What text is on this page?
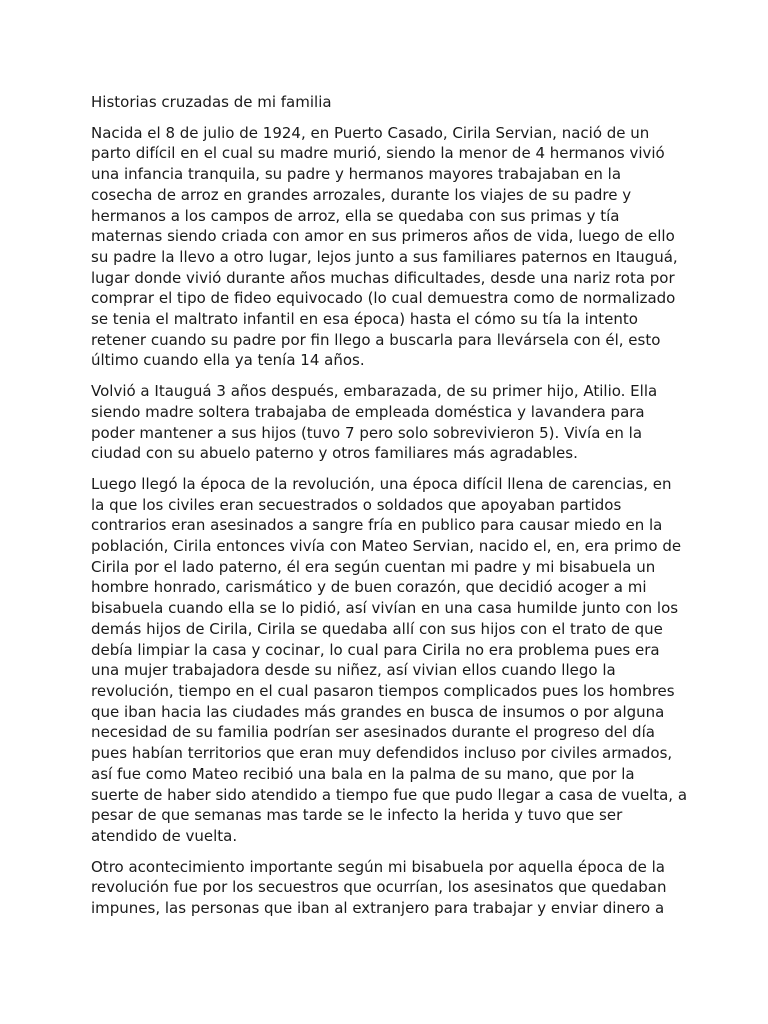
Historias cruzadas de mi familia

Nacida el 8 de julio de 1924, en Puerto Casado, Cirila Servian, nació de un parto difícil en el cual su madre murió, siendo la menor de 4 hermanos vivió una infancia tranquila, su padre y hermanos mayores trabajaban en la cosecha de arroz en grandes arrozales, durante los viajes de su padre y hermanos a los campos de arroz, ella se quedaba con sus primas y tía maternas siendo criada con amor en sus primeros años de vida, luego de ello su padre la llevo a otro lugar, lejos junto a sus familiares paternos en Itauguá, lugar donde vivió durante años muchas dificultades, desde una nariz rota por comprar el tipo de fideo equivocado (lo cual demuestra como de normalizado se tenia el maltrato infantil en esa época) hasta el cómo su tía la intento retener cuando su padre por fin llego a buscarla para llevársela con él, esto último cuando ella ya tenía 14 años.

Volvió a Itauguá 3 años después, embarazada, de su primer hijo, Atilio. Ella siendo madre soltera trabajaba de empleada doméstica y lavandera para poder mantener a sus hijos (tuvo 7 pero solo sobrevivieron 5). Vivía en la ciudad con su abuelo paterno y otros familiares más agradables.

Luego llegó la época de la revolución, una época difícil llena de carencias, en la que los civiles eran secuestrados o soldados que apoyaban partidos contrarios eran asesinados a sangre fría en publico para causar miedo en la población, Cirila entonces vivía con Mateo Servian, nacido el, en, era primo de Cirila por el lado paterno, él era según cuentan mi padre y mi bisabuela un hombre honrado, carismático y de buen corazón, que decidió acoger a mi bisabuela cuando ella se lo pidió, así vivían en una casa humilde junto con los demás hijos de Cirila, Cirila se quedaba allí con sus hijos con el trato de que debía limpiar la casa y cocinar, lo cual para Cirila no era problema pues era una mujer trabajadora desde su niñez, así vivian ellos cuando llego la revolución, tiempo en el cual pasaron tiempos complicados pues los hombres que iban hacia las ciudades más grandes en busca de insumos o por alguna necesidad de su familia podrían ser asesinados durante el progreso del día pues habían territorios que eran muy defendidos incluso por civiles armados, así fue como Mateo recibió una bala en la palma de su mano, que por la suerte de haber sido atendido a tiempo fue que pudo llegar a casa de vuelta, a pesar de que semanas mas tarde se le infecto la herida y tuvo que ser atendido de vuelta.

Otro acontecimiento importante según mi bisabuela por aquella época de la revolución fue por los secuestros que ocurrían, los asesinatos que quedaban impunes, las personas que iban al extranjero para trabajar y enviar dinero a
